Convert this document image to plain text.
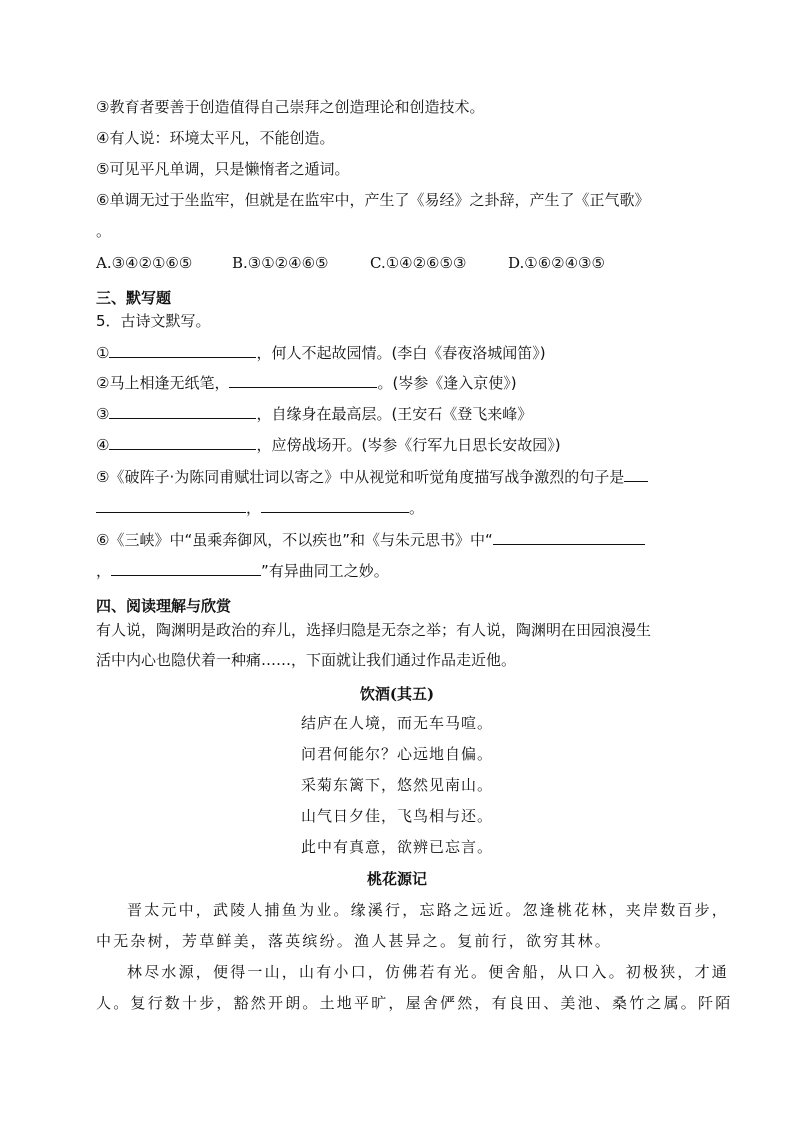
③教育者要善于创造值得自己崇拜之创造理论和创造技术。
④有人说：环境太平凡，不能创造。
⑤可见平凡单调，只是懒惰者之遁词。
⑥单调无过于坐监牢，但就是在监牢中，产生了《易经》之卦辞，产生了《正气歌》
。
A.③④②①⑥⑤	B.③①②④⑥⑤	C.①④②⑥⑤③	D.①⑥②④③⑤
三、默写题
5．古诗文默写。
①	，何人不起故园情。(李白《春夜洛城闻笛》)
②马上相逢无纸笔，	。(岑参《逢入京使》)
③	，自缘身在最高层。(王安石《登飞来峰》
④	，应傍战场开。(岑参《行军九日思长安故园》)
⑤《破阵子·为陈同甫赋壮词以寄之》中从视觉和听觉角度描写战争激烈的句子是
，	。
⑥《三峡》中“虽乘奔御风，不以疾也”和《与朱元思书》中“
，	”有异曲同工之妙。
四、阅读理解与欣赏
有人说，陶渊明是政治的弃儿，选择归隐是无奈之举；有人说，陶渊明在田园浪漫生
活中内心也隐伏着一种痛……，下面就让我们通过作品走近他。
饮酒(其五)
结庐在人境，而无车马喧。
问君何能尔？心远地自偏。
采菊东篱下，悠然见南山。
山气日夕佳，飞鸟相与还。
此中有真意，欲辨已忘言。
桃花源记
晋太元中，武陵人捕鱼为业。缘溪行，忘路之远近。忽逢桃花林，夹岸数百步，
中无杂树，芳草鲜美，落英缤纷。渔人甚异之。复前行，欲穷其林。
林尽水源，便得一山，山有小口，仿佛若有光。便舍船，从口入。初极狭，才通
人。复行数十步，豁然开朗。土地平旷，屋舍俨然，有良田、美池、桑竹之属。阡陌
